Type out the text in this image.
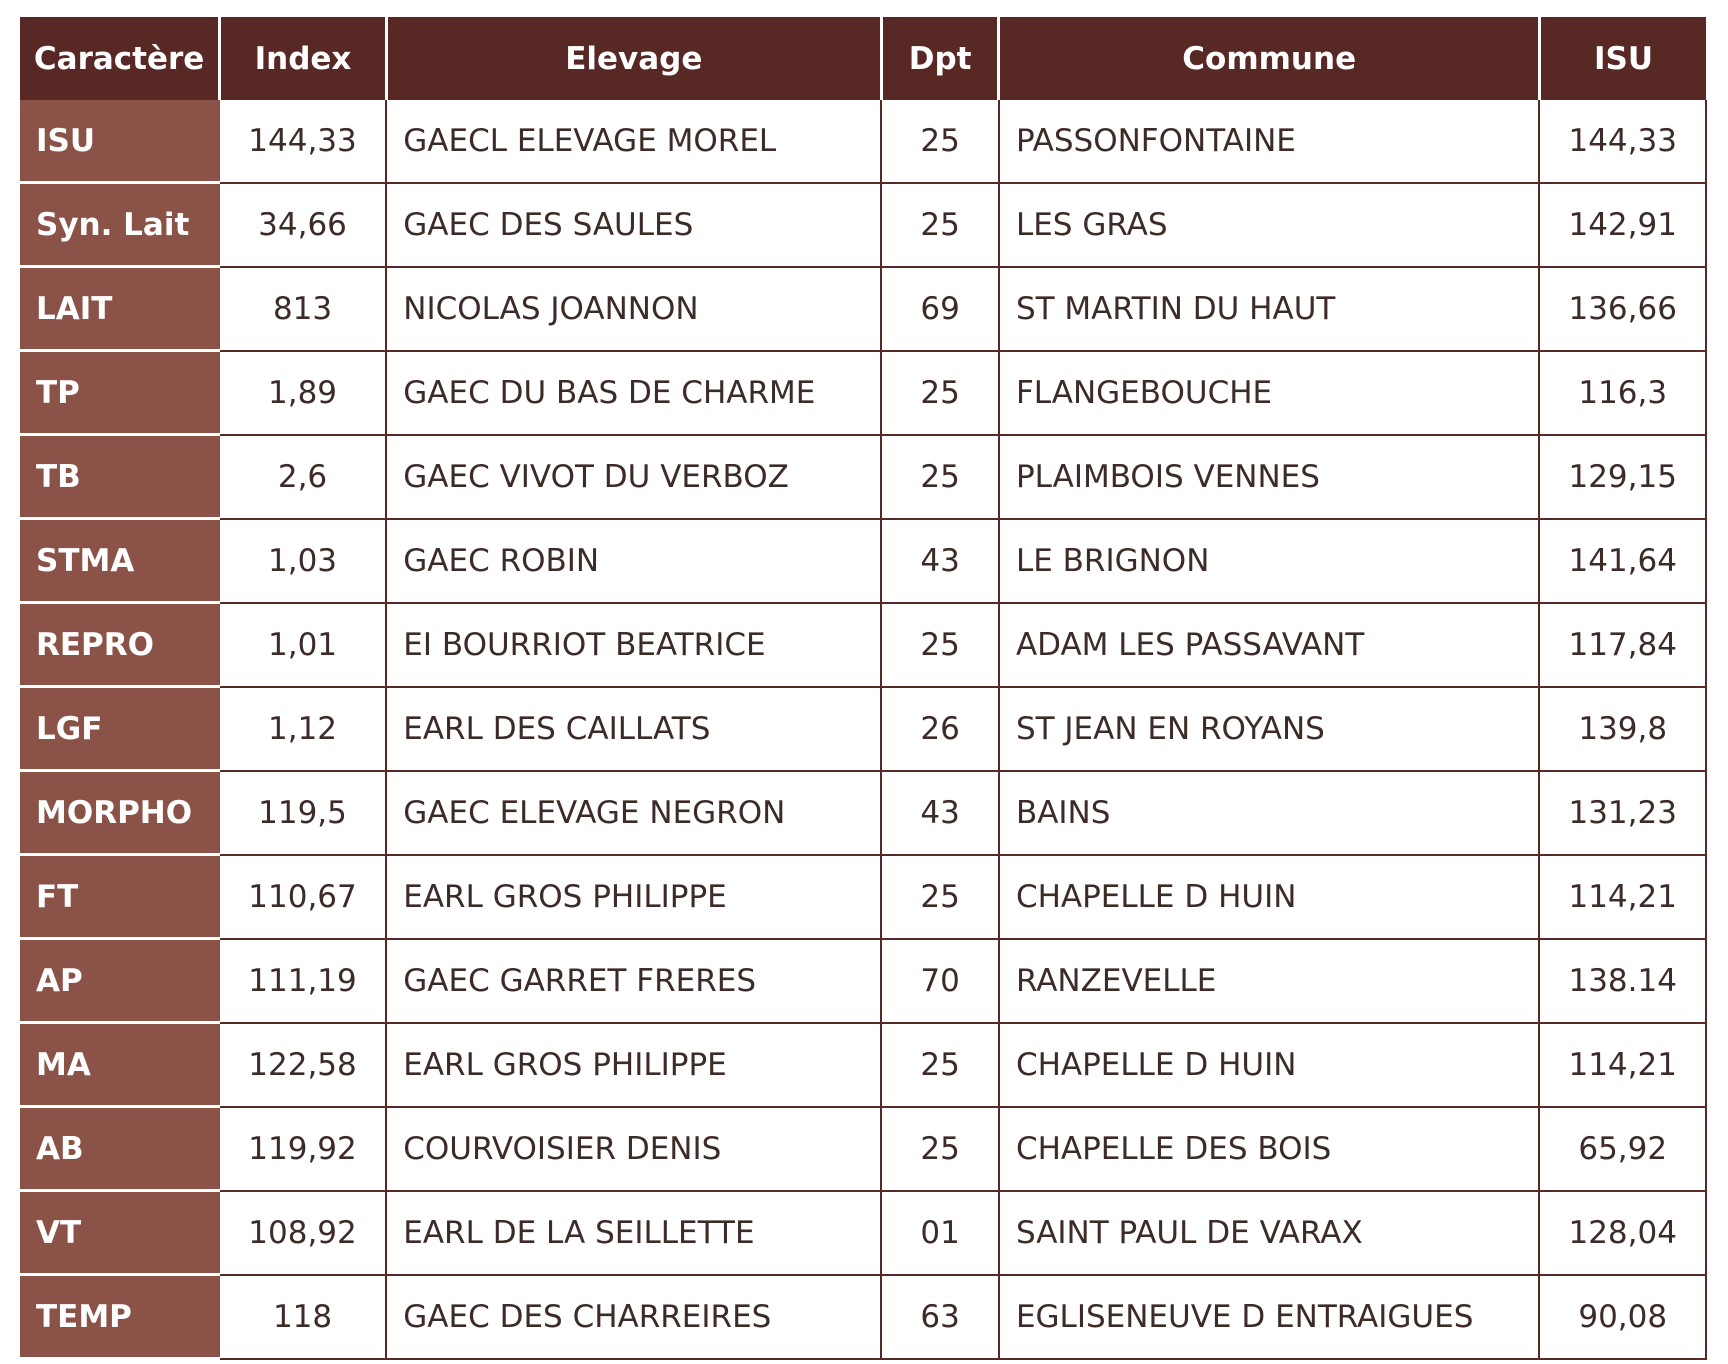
Caractère	Index	Elevage	Dpt	Commune	ISU
ISU	144,33	GAECL ELEVAGE MOREL	25	PASSONFONTAINE	144,33
Syn. Lait	34,66	GAEC DES SAULES	25	LES GRAS	142,91
LAIT	813	NICOLAS JOANNON	69	ST MARTIN DU HAUT	136,66
TP	1,89	GAEC DU BAS DE CHARME	25	FLANGEBOUCHE	116,3
TB	2,6	GAEC VIVOT DU VERBOZ	25	PLAIMBOIS VENNES	129,15
STMA	1,03	GAEC ROBIN	43	LE BRIGNON	141,64
REPRO	1,01	EI BOURRIOT BEATRICE	25	ADAM LES PASSAVANT	117,84
LGF	1,12	EARL DES CAILLATS	26	ST JEAN EN ROYANS	139,8
MORPHO	119,5	GAEC ELEVAGE NEGRON	43	BAINS	131,23
FT	110,67	EARL GROS PHILIPPE	25	CHAPELLE D HUIN	114,21
AP	111,19	GAEC GARRET FRERES	70	RANZEVELLE	138.14
MA	122,58	EARL GROS PHILIPPE	25	CHAPELLE D HUIN	114,21
AB	119,92	COURVOISIER DENIS	25	CHAPELLE DES BOIS	65,92
VT	108,92	EARL DE LA SEILLETTE	01	SAINT PAUL DE VARAX	128,04
TEMP	118	GAEC DES CHARREIRES	63	EGLISENEUVE D ENTRAIGUES	90,08
